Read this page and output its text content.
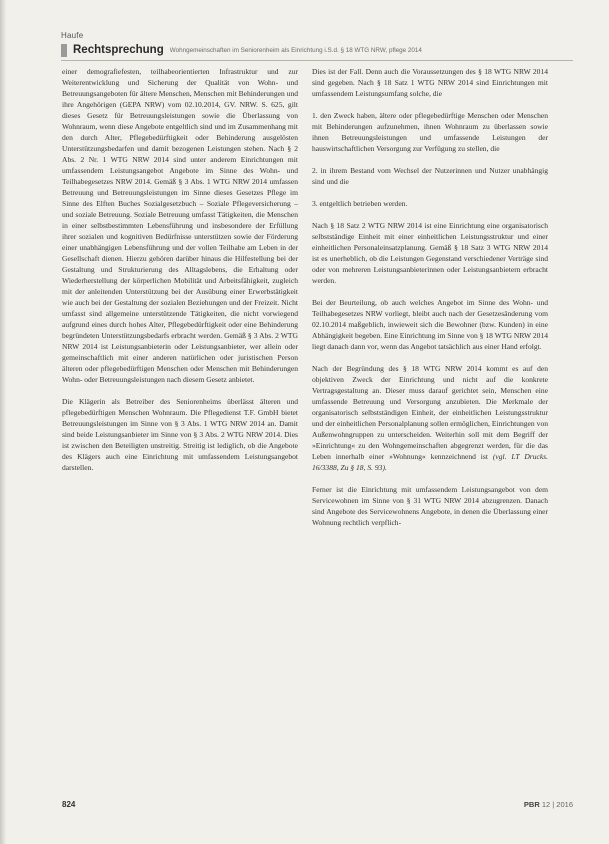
Haufe
Rechtsprechung Wohngemeinschaften im Seniorenheim als Einrichtung i.S.d. § 18 WTG NRW, pflege 2014

einer demografiefesten, teilhabeorientierten Infrastruktur und zur Weiterentwicklung und Sicherung der Qualität von Wohn- und Betreuungsangeboten für ältere Menschen, Menschen mit Behinderungen und ihre Angehörigen (GEPA NRW) vom 02.10.2014, GV. NRW. S. 625, gilt dieses Gesetz für Betreuungsleistungen sowie die Überlassung von Wohnraum, wenn diese Angebote entgeltlich sind und im Zusammenhang mit den durch Alter, Pflegebedürftigkeit oder Behinderung ausgelösten Unterstützungsbedarfen und damit bezogenen Leistungen stehen. Nach § 2 Abs. 2 Nr. 1 WTG NRW 2014 sind unter anderem Einrichtungen mit umfassendem Leistungsangebot Angebote im Sinne des Wohn- und Teilhabegesetzes NRW 2014. Gemäß § 3 Abs. 1 WTG NRW 2014 umfassen Betreuung und Betreuungsleistungen im Sinne dieses Gesetzes Pflege im Sinne des Elften Buches Sozialgesetzbuch – Soziale Pflegeversicherung – und soziale Betreuung. Soziale Betreuung umfasst Tätigkeiten, die Menschen in einer selbstbestimmten Lebensführung und insbesondere der Erfüllung ihrer sozialen und kognitiven Bedürfnisse unterstützen sowie der Förderung einer unabhängigen Lebensführung und der vollen Teilhabe am Leben in der Gesellschaft dienen. Hierzu gehören darüber hinaus die Hilfestellung bei der Gestaltung und Strukturierung des Alltagslebens, die Erhaltung oder Wiederherstellung der körperlichen Mobilität und Arbeitsfähigkeit, zugleich mit der anleitenden Unterstützung bei der Ausübung einer Erwerbstätigkeit wie auch bei der Gestaltung der sozialen Beziehungen und der Freizeit. Nicht umfasst sind allgemeine unterstützende Tätigkeiten, die nicht vorwiegend aufgrund eines durch hohes Alter, Pflegebedürftigkeit oder eine Behinderung begründeten Unterstützungsbedarfs erbracht werden. Gemäß § 3 Abs. 2 WTG NRW 2014 ist Leistungsanbieterin oder Leistungsanbieter, wer allein oder gemeinschaftlich mit einer anderen natürlichen oder juristischen Person älteren oder pflegebedürftigen Menschen oder Menschen mit Behinderungen Wohn- oder Betreuungsleistungen nach diesem Gesetz anbietet.

Die Klägerin als Betreiber des Seniorenheims überlässt älteren und pflegebedürftigen Menschen Wohnraum. Die Pflegedienst T.F. GmbH bietet Betreuungsleistungen im Sinne von § 3 Abs. 1 WTG NRW 2014 an. Damit sind beide Leistungsanbieter im Sinne von § 3 Abs. 2 WTG NRW 2014. Dies ist zwischen den Beteiligten unstreitig. Streitig ist lediglich, ob die Angebote des Klägers auch eine Einrichtung mit umfassendem Leistungsangebot darstellen.

Dies ist der Fall. Denn auch die Voraussetzungen des § 18 WTG NRW 2014 sind gegeben. Nach § 18 Satz 1 WTG NRW 2014 sind Einrichtungen mit umfassendem Leistungsumfang solche, die

1. den Zweck haben, ältere oder pflegebedürftige Menschen oder Menschen mit Behinderungen aufzunehmen, ihnen Wohnraum zu überlassen sowie ihnen Betreuungsleistungen und umfassende Leistungen der hauswirtschaftlichen Versorgung zur Verfügung zu stellen, die

2. in ihrem Bestand vom Wechsel der Nutzerinnen und Nutzer unabhängig sind und die

3. entgeltlich betrieben werden.

Nach § 18 Satz 2 WTG NRW 2014 ist eine Einrichtung eine organisatorisch selbstständige Einheit mit einer einheitlichen Leistungsstruktur und einer einheitlichen Personaleinsatzplanung. Gemäß § 18 Satz 3 WTG NRW 2014 ist es unerheblich, ob die Leistungen Gegenstand verschiedener Verträge sind oder von mehreren Leistungsanbieterinnen oder Leistungsanbietern erbracht werden.

Bei der Beurteilung, ob auch welches Angebot im Sinne des Wohn- und Teilhabegesetzes NRW vorliegt, bleibt auch nach der Gesetzesänderung vom 02.10.2014 maßgeblich, inwieweit sich die Bewohner (bzw. Kunden) in eine Abhängigkeit begeben. Eine Einrichtung im Sinne von § 18 WTG NRW 2014 liegt danach dann vor, wenn das Angebot tatsächlich aus einer Hand erfolgt.

Nach der Begründung des § 18 WTG NRW 2014 kommt es auf den objektiven Zweck der Einrichtung und nicht auf die konkrete Vertragsgestaltung an. Dieser muss darauf gerichtet sein, Menschen eine umfassende Betreuung und Versorgung anzubieten. Die Merkmale der organisatorisch selbstständigen Einheit, der einheitlichen Leistungsstruktur und der einheitlichen Personalplanung sollen ermöglichen, Einrichtungen von Außenwohngruppen zu unterscheiden. Weiterhin soll mit dem Begriff der »Einrichtung« zu den Wohngemeinschaften abgegrenzt werden, für die das Leben innerhalb einer »Wohnung« kennzeichnend ist (vgl. LT Drucks. 16/3388, Zu § 18, S. 93).

Ferner ist die Einrichtung mit umfassendem Leistungsangebot von dem Servicewohnen im Sinne von § 31 WTG NRW 2014 abzugrenzen. Danach sind Angebote des Servicewohnens Angebote, in denen die Überlassung einer Wohnung rechtlich verpflich-

824	PBR 12 | 2016
